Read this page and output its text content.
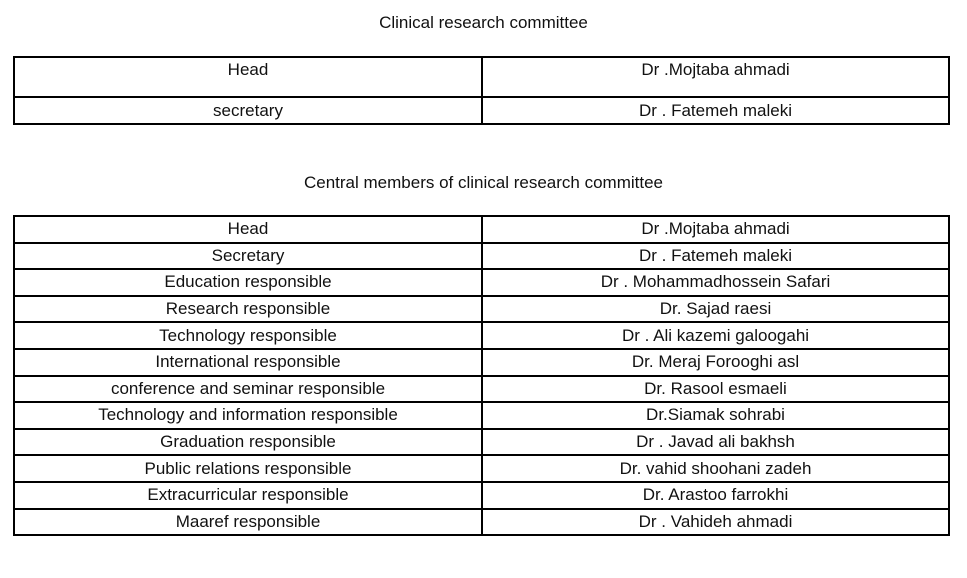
Clinical research committee
Head	Dr .Mojtaba ahmadi
secretary	Dr . Fatemeh maleki
Central members of clinical research committee
Head	Dr .Mojtaba ahmadi
Secretary	Dr . Fatemeh maleki
Education responsible	Dr . Mohammadhossein Safari
Research responsible	Dr. Sajad raesi
Technology responsible	Dr . Ali kazemi galoogahi
International responsible	Dr. Meraj Forooghi asl
conference and seminar responsible	Dr. Rasool esmaeli
Technology and information responsible	Dr.Siamak sohrabi
Graduation responsible	Dr . Javad ali bakhsh
Public relations responsible	Dr. vahid shoohani zadeh
Extracurricular responsible	Dr. Arastoo farrokhi
Maaref responsible	Dr . Vahideh ahmadi
